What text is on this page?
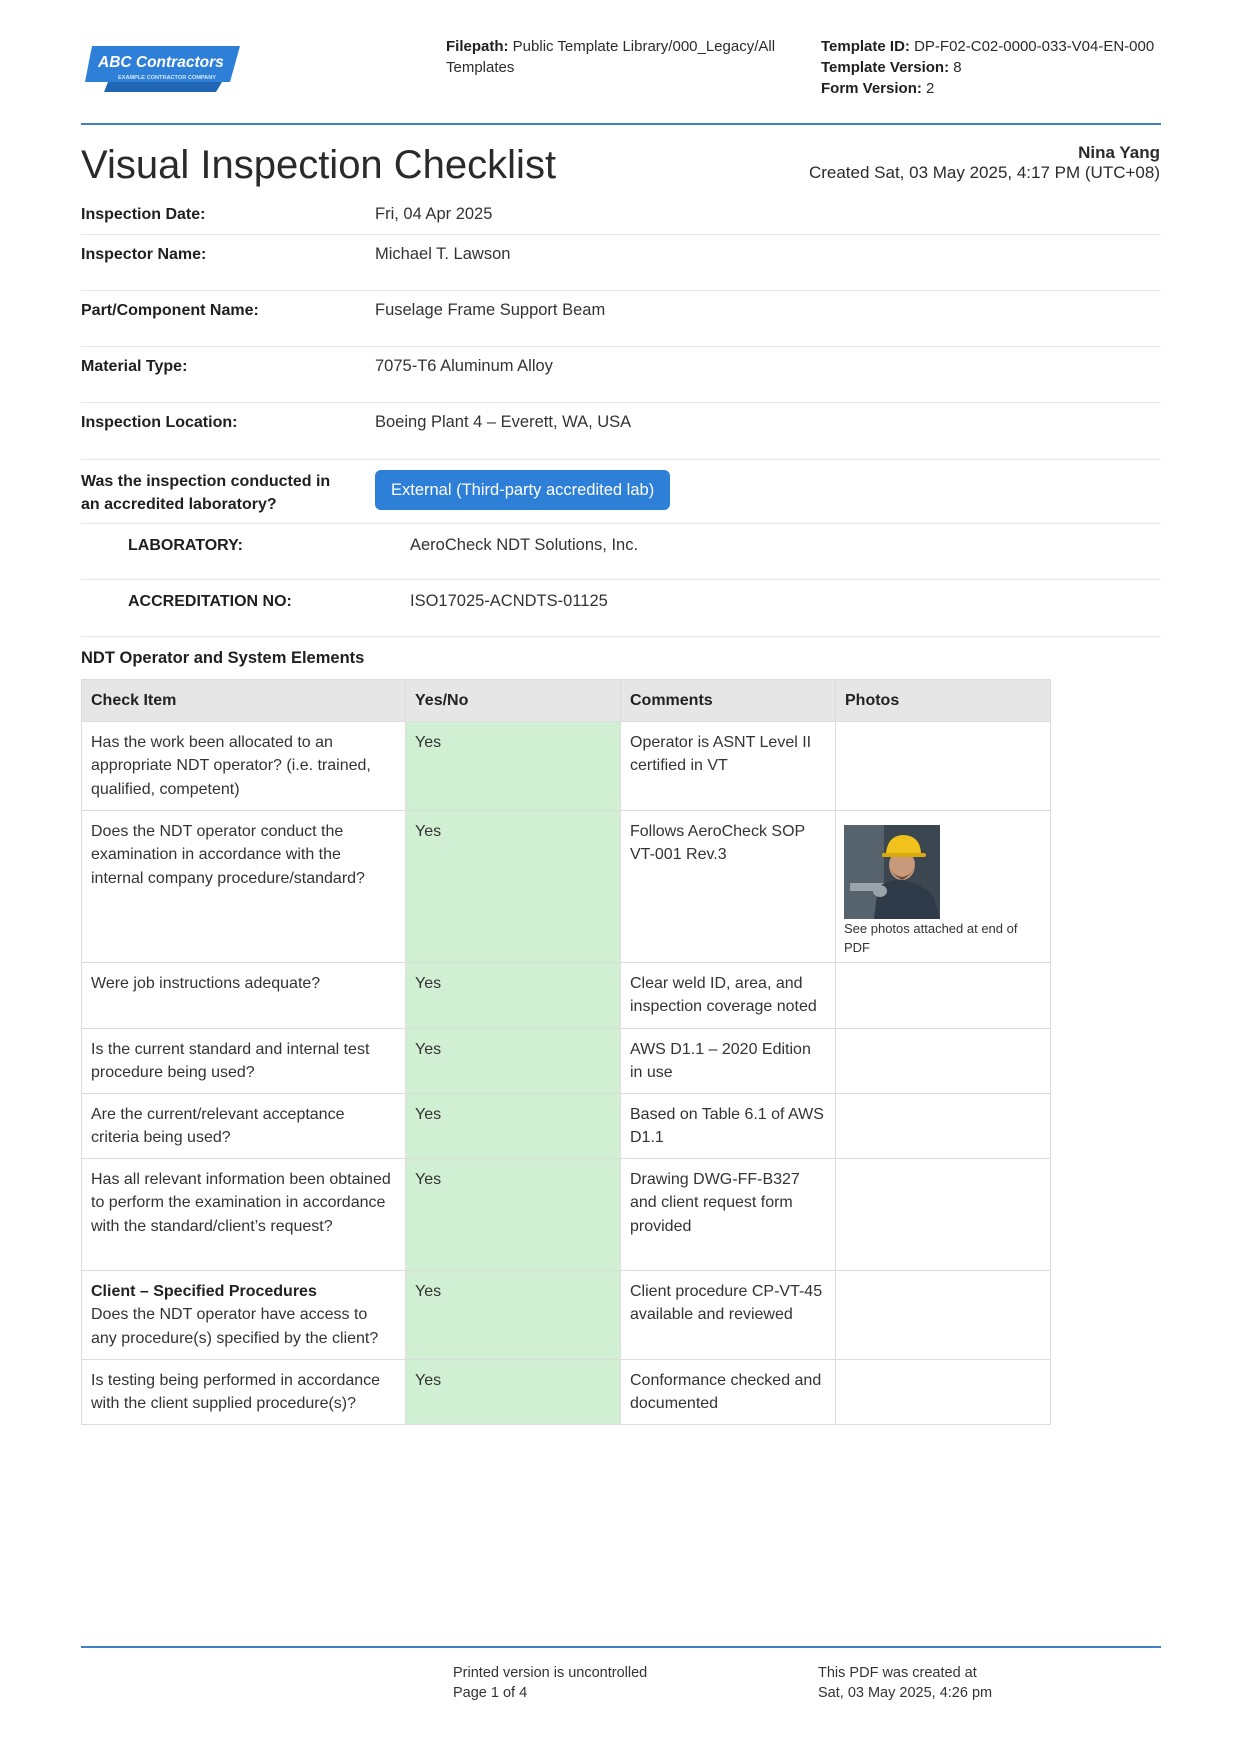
ABC Contractors
EXAMPLE CONTRACTOR COMPANY
Filepath: Public Template Library/000_Legacy/All Templates
Template ID: DP-F02-C02-0000-033-V04-EN-000
Template Version: 8
Form Version: 2
Visual Inspection Checklist	Nina Yang
Created Sat, 03 May 2025, 4:17 PM (UTC+08)
Inspection Date:	Fri, 04 Apr 2025
Inspector Name:	Michael T. Lawson
Part/Component Name:	Fuselage Frame Support Beam
Material Type:	7075-T6 Aluminum Alloy
Inspection Location:	Boeing Plant 4 – Everett, WA, USA
Was the inspection conducted in
an accredited laboratory?
External (Third-party accredited lab)
LABORATORY:	AeroCheck NDT Solutions, Inc.
ACCREDITATION NO:	ISO17025-ACNDTS-01125
NDT Operator and System Elements
Check Item	Yes/No	Comments	Photos
Has the work been allocated to an appropriate NDT operator? (i.e. trained, qualified, competent)	Yes	Operator is ASNT Level II certified in VT	
Does the NDT operator conduct the examination in accordance with the internal company procedure/standard?	Yes	Follows AeroCheck SOP VT-001 Rev.3	See photos attached at end of PDF

Were job instructions adequate?	Yes	Clear weld ID, area, and inspection coverage noted	
Is the current standard and internal test procedure being used?	Yes	AWS D1.1 – 2020 Edition in use	
Are the current/relevant acceptance criteria being used?	Yes	Based on Table 6.1 of AWS D1.1	
Has all relevant information been obtained to perform the examination in accordance with the standard/client’s request?	Yes	Drawing DWG-FF-B327 and client request form provided	

Client – Specified Procedures
Does the NDT operator have access to any procedure(s) specified by the client?	Yes	Client procedure CP-VT-45 available and reviewed	
Is testing being performed in accordance with the client supplied procedure(s)?	Yes	Conformance checked and documented	
Printed version is uncontrolled
Page 1 of 4
This PDF was created at
Sat, 03 May 2025, 4:26 pm
